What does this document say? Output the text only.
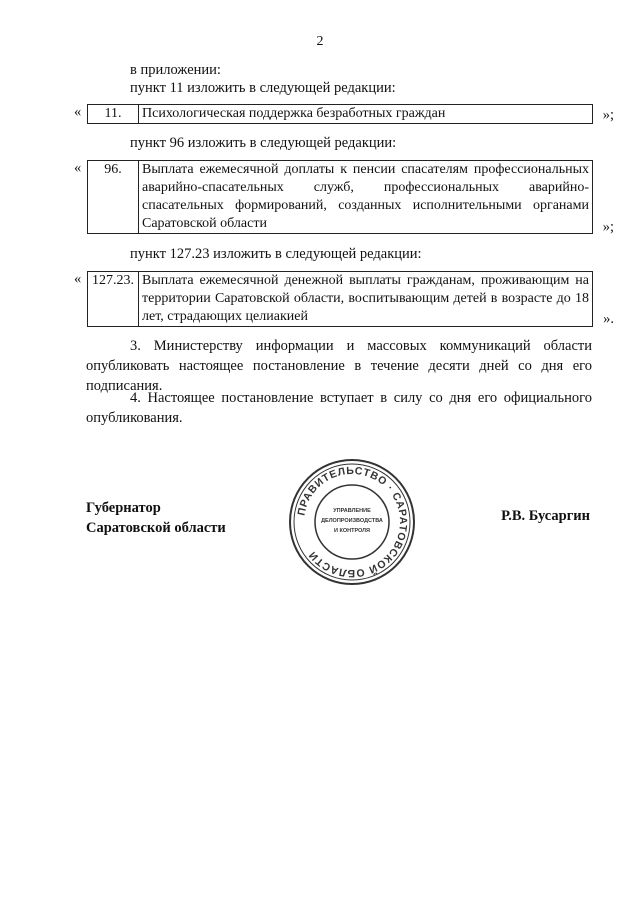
2
в приложении:
пункт 11 изложить в следующей редакции:
« 11.	Психологическая поддержка безработных граждан	»;
пункт 96 изложить в следующей редакции:
« 96.	Выплата ежемесячной доплаты к пенсии спасателям профессиональных аварийно-спасательных служб, профессиональных аварийно-спасательных формирований, созданных исполнительными органами Саратовской области	»;
пункт 127.23 изложить в следующей редакции:
« 127.23.	Выплата ежемесячной денежной выплаты гражданам, проживающим на территории Саратовской области, воспитывающим детей в возрасте до 18 лет, страдающих целиакией	».
3. Министерству информации и массовых коммуникаций области опубликовать настоящее постановление в течение десяти дней со дня его подписания.
4. Настоящее постановление вступает в силу со дня его официального опубликования.
Губернатор
Саратовской области
ПРАВИТЕЛЬСТВО · САРАТОВСКОЙ ОБЛАСТИ
УПРАВЛЕНИЕ
ДЕЛОПРОИЗВОДСТВА
И КОНТРОЛЯ
Р.В. Бусаргин
